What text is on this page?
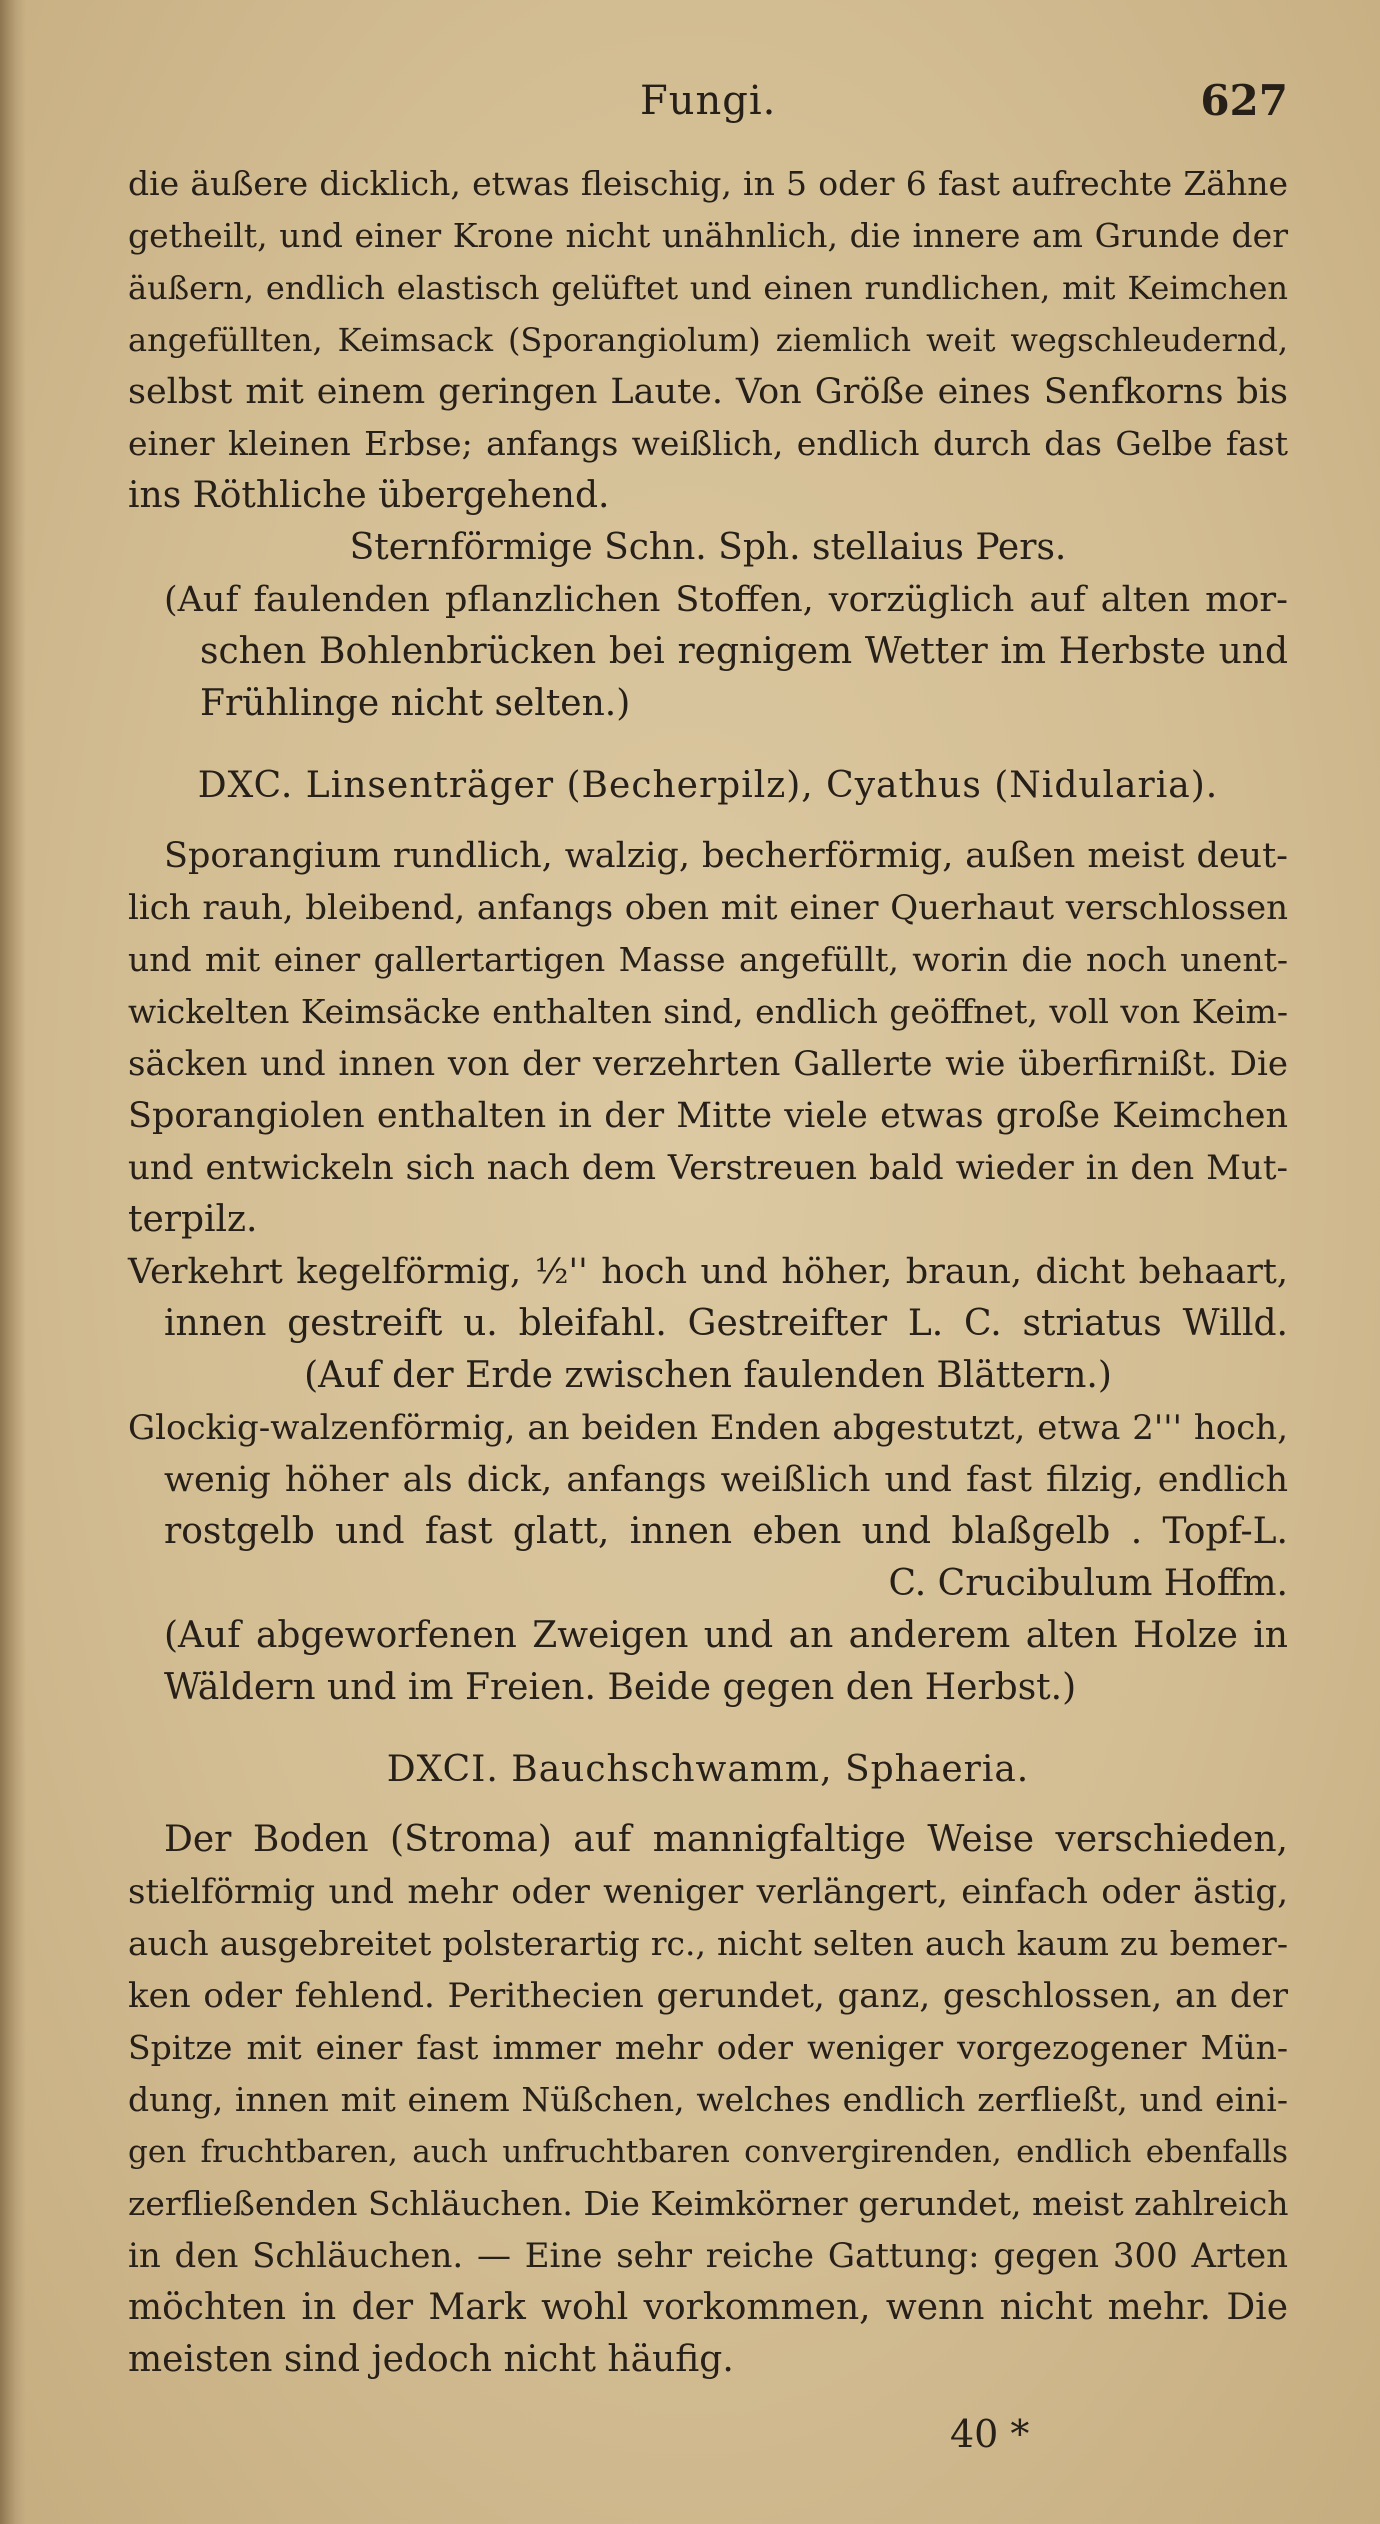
Fungi.	627
die äußere dicklich, etwas fleischig, in 5 oder 6 fast aufrechte Zähne
getheilt, und einer Krone nicht unähnlich, die innere am Grunde der
äußern, endlich elastisch gelüftet und einen rundlichen, mit Keimchen
angefüllten, Keimsack (Sporangiolum) ziemlich weit wegschleudernd,
selbst mit einem geringen Laute. Von Größe eines Senfkorns bis
einer kleinen Erbse; anfangs weißlich, endlich durch das Gelbe fast
ins Röthliche übergehend.
Sternförmige Schn. Sph. stellaius Pers.
(Auf faulenden pflanzlichen Stoffen, vorzüglich auf alten mor-
schen Bohlenbrücken bei regnigem Wetter im Herbste und
Frühlinge nicht selten.)
DXC. Linsenträger (Becherpilz), Cyathus (Nidularia).
Sporangium rundlich, walzig, becherförmig, außen meist deut-
lich rauh, bleibend, anfangs oben mit einer Querhaut verschlossen
und mit einer gallertartigen Masse angefüllt, worin die noch unent-
wickelten Keimsäcke enthalten sind, endlich geöffnet, voll von Keim-
säcken und innen von der verzehrten Gallerte wie überfirnißt. Die
Sporangiolen enthalten in der Mitte viele etwas große Keimchen
und entwickeln sich nach dem Verstreuen bald wieder in den Mut-
terpilz.
Verkehrt kegelförmig, ½'' hoch und höher, braun, dicht behaart,
innen gestreift u. bleifahl. Gestreifter L. C. striatus Willd.
(Auf der Erde zwischen faulenden Blättern.)
Glockig-walzenförmig, an beiden Enden abgestutzt, etwa 2''' hoch,
wenig höher als dick, anfangs weißlich und fast filzig, endlich
rostgelb und fast glatt, innen eben und blaßgelb . Topf-L.
C. Crucibulum Hoffm.
(Auf abgeworfenen Zweigen und an anderem alten Holze in
Wäldern und im Freien. Beide gegen den Herbst.)
DXCI. Bauchschwamm, Sphaeria.
Der Boden (Stroma) auf mannigfaltige Weise verschieden,
stielförmig und mehr oder weniger verlängert, einfach oder ästig,
auch ausgebreitet polsterartig rc., nicht selten auch kaum zu bemer-
ken oder fehlend. Perithecien gerundet, ganz, geschlossen, an der
Spitze mit einer fast immer mehr oder weniger vorgezogener Mün-
dung, innen mit einem Nüßchen, welches endlich zerfließt, und eini-
gen fruchtbaren, auch unfruchtbaren convergirenden, endlich ebenfalls
zerfließenden Schläuchen. Die Keimkörner gerundet, meist zahlreich
in den Schläuchen. — Eine sehr reiche Gattung: gegen 300 Arten
möchten in der Mark wohl vorkommen, wenn nicht mehr. Die
meisten sind jedoch nicht häufig.
40 *
